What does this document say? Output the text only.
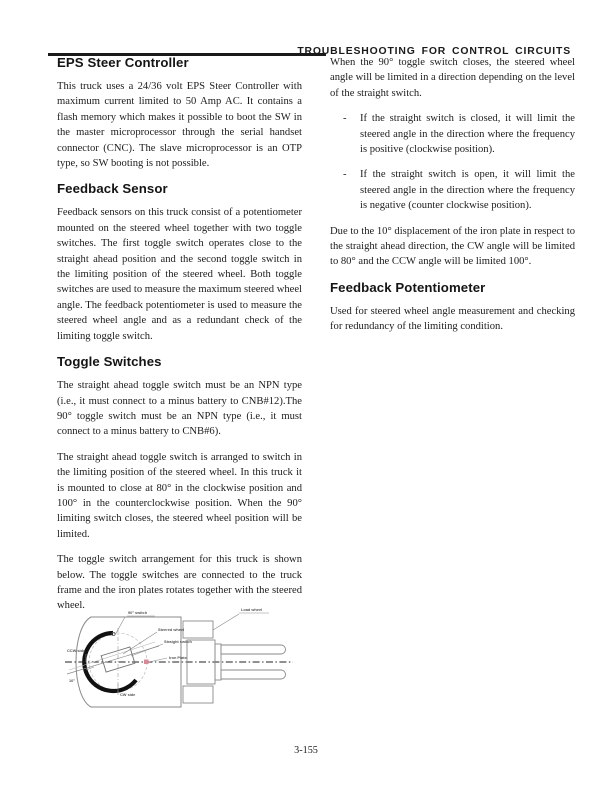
TROUBLESHOOTING FOR CONTROL CIRCUITS
EPS Steer Controller

This truck uses a 24/36 volt EPS Steer Controller with maximum current limited to 50 Amp AC. It contains a flash memory which makes it possible to boot the SW in the master microprocessor through the serial handset connector (CNC). The slave microprocessor is an OTP type, so SW booting is not possible.

Feedback Sensor

Feedback sensors on this truck consist of a potentiometer mounted on the steered wheel together with two toggle switches. The first toggle switch operates close to the straight ahead position and the second toggle switch in the limiting position of the steered wheel. Both toggle switches are used to measure the maximum steered wheel angle. The feedback potentiometer is used to measure the steered wheel angle and as a redundant check of the limiting toggle switch.

Toggle Switches

The straight ahead toggle switch must be an NPN type (i.e., it must connect to a minus battery to CNB#12).The 90° toggle switch must be an NPN type (i.e., it must connect to a minus battery to CNB#6).

The straight ahead toggle switch is arranged to switch in the limiting position of the steered wheel. In this truck it is mounted to close at 80° in the clockwise position and 100° in the counterclockwise position. When the 90° limiting switch closes, the steered wheel position will be limited.

The toggle switch arrangement for this truck is shown below. The toggle switches are connected to the truck frame and the iron plates rotates together with the steered wheel.

When the 90° toggle switch closes, the steered wheel angle will be limited in a direction depending on the level of the straight switch.

- If the straight switch is closed, it will limit the steered angle in the direction where the frequency is positive (clockwise position).
- If the straight switch is open, it will limit the steered angle in the direction where the frequency is negative (counter clockwise position).

Due to the 10° displacement of the iron plate in respect to the straight ahead direction, the CW angle will be limited to 80° and the CCW angle will be limited 100°.

Feedback Potentiometer

Used for steered wheel angle measurement and checking for redundancy of the limiting condition.

90° switch
Steered wheel
Straight switch
Iron Plate
CCW side
CW side
10°
Load wheel
3-155
